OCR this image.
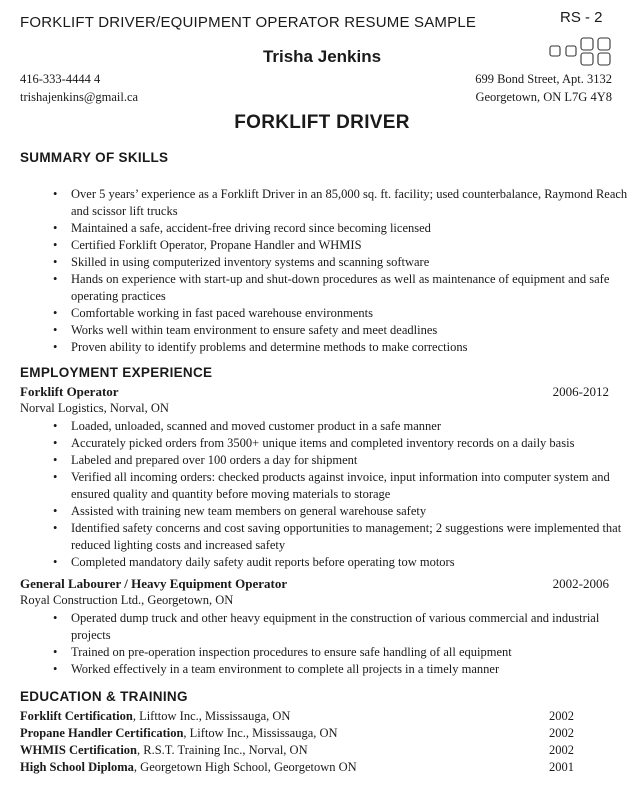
FORKLIFT DRIVER/EQUIPMENT OPERATOR RESUME SAMPLE	RS - 2
Trisha Jenkins
416-333-4444 4
trishajenkins@gmail.ca
699 Bond Street, Apt. 3132
Georgetown, ON L7G 4Y8
FORKLIFT DRIVER
SUMMARY OF SKILLS
• Over 5 years’ experience as a Forklift Driver in an 85,000 sq. ft. facility; used counterbalance, Raymond Reach and scissor lift trucks
• Maintained a safe, accident-free driving record since becoming licensed
• Certified Forklift Operator, Propane Handler and WHMIS
• Skilled in using computerized inventory systems and scanning software
• Hands on experience with start-up and shut-down procedures as well as maintenance of equipment and safe operating practices
• Comfortable working in fast paced warehouse environments
• Works well within team environment to ensure safety and meet deadlines
• Proven ability to identify problems and determine methods to make corrections
EMPLOYMENT EXPERIENCE
Forklift Operator	2006-2012
Norval Logistics, Norval, ON
• Loaded, unloaded, scanned and moved customer product in a safe manner
• Accurately picked orders from 3500+ unique items and completed inventory records on a daily basis
• Labeled and prepared over 100 orders a day for shipment
• Verified all incoming orders: checked products against invoice, input information into computer system and ensured quality and quantity before moving materials to storage
• Assisted with training new team members on general warehouse safety
• Identified safety concerns and cost saving opportunities to management; 2 suggestions were implemented that reduced lighting costs and increased safety
• Completed mandatory daily safety audit reports before operating tow motors
General Labourer / Heavy Equipment Operator	2002-2006
Royal Construction Ltd., Georgetown, ON
• Operated dump truck and other heavy equipment in the construction of various commercial and industrial projects
• Trained on pre-operation inspection procedures to ensure safe handling of all equipment
• Worked effectively in a team environment to complete all projects in a timely manner
EDUCATION & TRAINING
Forklift Certification, Lifttow Inc., Mississauga, ON	2002
Propane Handler Certification, Liftow Inc., Mississauga, ON	2002
WHMIS Certification, R.S.T. Training Inc., Norval, ON	2002
High School Diploma, Georgetown High School, Georgetown ON	2001
